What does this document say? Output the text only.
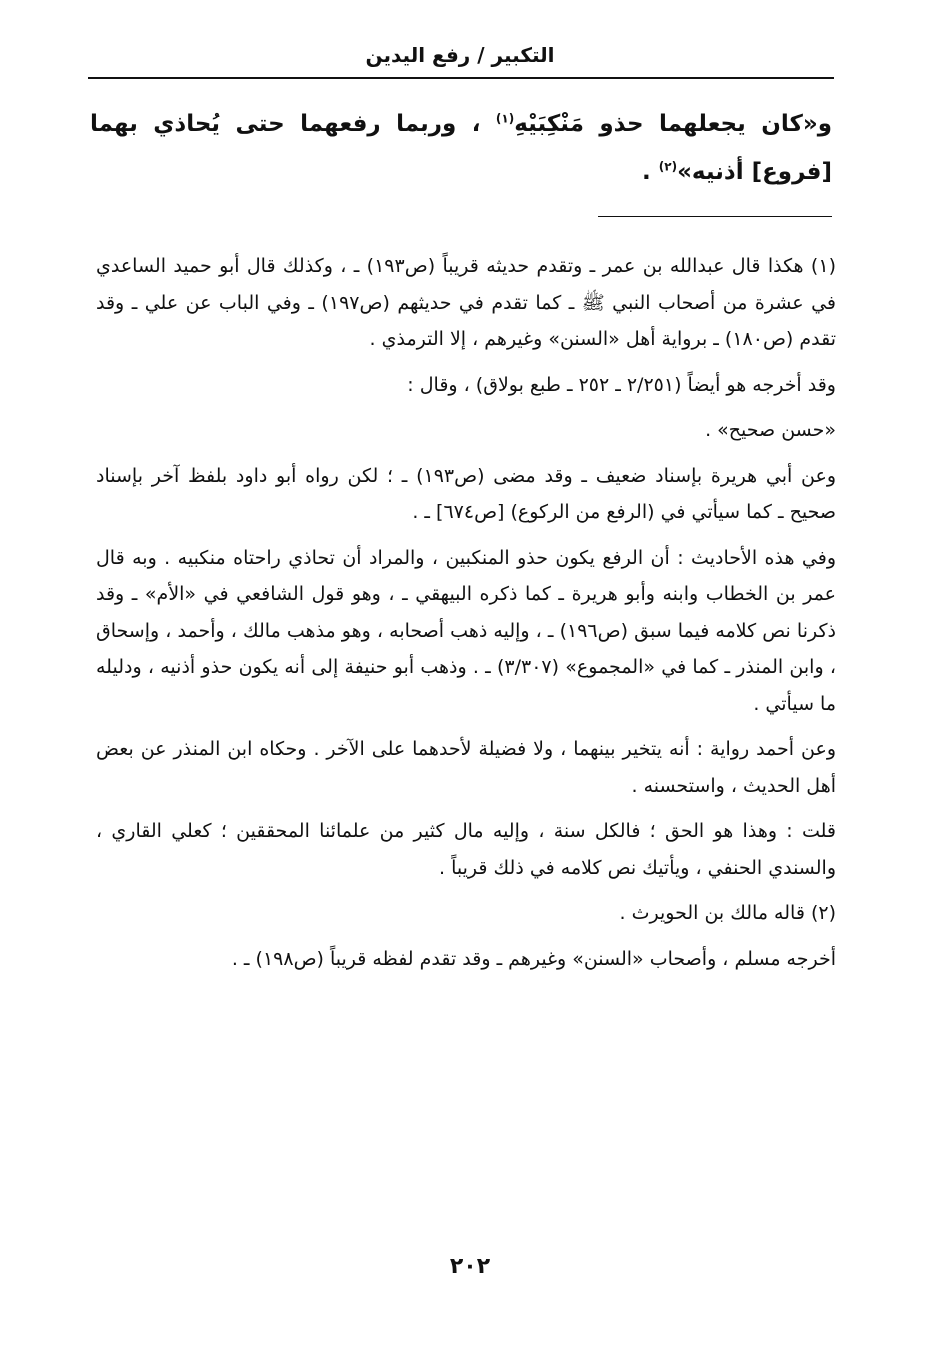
التكبير / رفع اليدين
و«كان يجعلهما حذو مَنْكِبَيْهِ$^{(١)}$ ، وربما رفعهما حتى يُحاذي بهما [فروع] أذنيه»$^{(٢)}$ .

(١) هكذا قال عبدالله بن عمر ـ وتقدم حديثه قريباً (ص١٩٣) ـ ، وكذلك قال أبو حميد الساعدي في عشرة من أصحاب النبي ﷺ ـ كما تقدم في حديثهم (ص١٩٧) ـ وفي الباب عن علي ـ وقد تقدم (ص١٨٠) ـ برواية أهل «السنن» وغيرهم ، إلا الترمذي .

وقد أخرجه هو أيضاً (٢/٢٥١ ـ ٢٥٢ ـ طبع بولاق) ، وقال :

«حسن صحيح» .

وعن أبي هريرة بإسناد ضعيف ـ وقد مضى (ص١٩٣) ـ ؛ لكن رواه أبو داود بلفظ آخر بإسناد صحيح ـ كما سيأتي في (الرفع من الركوع) [ص٦٧٤] ـ .

وفي هذه الأحاديث : أن الرفع يكون حذو المنكبين ، والمراد أن تحاذي راحتاه منكبيه . وبه قال عمر بن الخطاب وابنه وأبو هريرة ـ كما ذكره البيهقي ـ ، وهو قول الشافعي في «الأم» ـ وقد ذكرنا نص كلامه فيما سبق (ص١٩٦) ـ ، وإليه ذهب أصحابه ، وهو مذهب مالك ، وأحمد ، وإسحاق ، وابن المنذر ـ كما في «المجموع» (٣/٣٠٧) ـ . وذهب أبو حنيفة إلى أنه يكون حذو أذنيه ، ودليله ما سيأتي .

وعن أحمد رواية : أنه يتخير بينهما ، ولا فضيلة لأحدهما على الآخر . وحكاه ابن المنذر عن بعض أهل الحديث ، واستحسنه .

قلت : وهذا هو الحق ؛ فالكل سنة ، وإليه مال كثير من علمائنا المحققين ؛ كعلي القاري ، والسندي الحنفي ، ويأتيك نص كلامه في ذلك قريباً .

(٢) قاله مالك بن الحويرث .

أخرجه مسلم ، وأصحاب «السنن» وغيرهم ـ وقد تقدم لفظه قريباً (ص١٩٨) ـ .

٢٠٢
